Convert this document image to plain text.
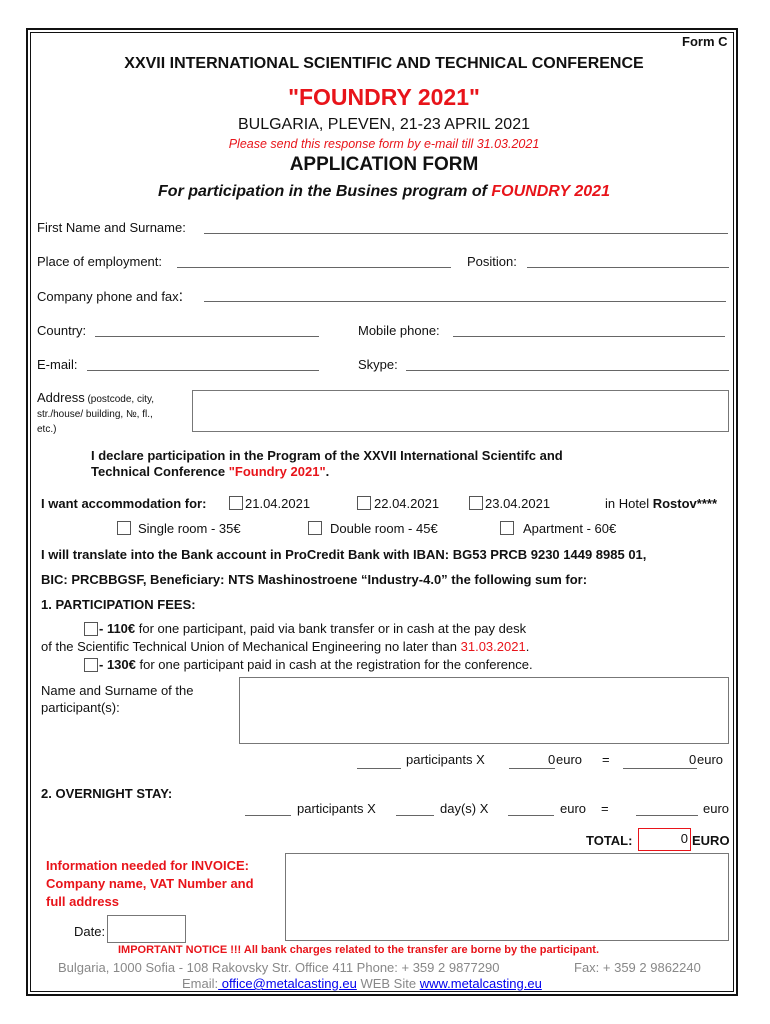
Form C
XXVII INTERNATIONAL SCIENTIFIC AND TECHNICAL CONFERENCE
"FOUNDRY 2021"
BULGARIA, PLEVEN, 21-23 APRIL 2021
Please send this response form by e-mail till 31.03.2021
APPLICATION FORM
For participation in the Busines program of FOUNDRY 2021
First Name and Surname:
Place of employment:	Position:
Company phone and fax:
Country:	Mobile phone:
E-mail:	Skype:
Address (postcode, city,
str./house/ building, №, fl.,
etc.)
I declare participation in the Program of the XXVII International Scientifc and
Technical Conference "Foundry 2021".
I want accommodation for:	21.04.2021	22.04.2021	23.04.2021	in Hotel Rostov****
Single room - 35€	Double room - 45€	Apartment - 60€
I will translate into the Bank account in ProCredit Bank with IBAN: BG53 PRCB 9230 1449 8985 01,
BIC: PRCBBGSF, Beneficiary: NTS Mashinostroene “Industry-4.0” the following sum for:
1. PARTICIPATION FEES:
- 110€ for one participant, paid via bank transfer or in cash at the pay desk
of the Scientific Technical Union of Mechanical Engineering no later than 31.03.2021.
- 130€ for one participant paid in cash at the registration for the conference.
Name and Surname of the
participant(s):
participants X	0 euro =	0 euro
2. OVERNIGHT STAY:
participants X	day(s) X	euro =	euro
TOTAL:	0 EURO
Information needed for INVOICE:
Company name, VAT Number and
full address
Date:
IMPORTANT NOTICE !!! All bank charges related to the transfer are borne by the participant.
Bulgaria, 1000 Sofia - 108 Rakovsky Str. Office 411 Phone: + 359 2 9877290	Fax: + 359 2 9862240
Email: office@metalcasting.eu WEB Site www.metalcasting.eu
